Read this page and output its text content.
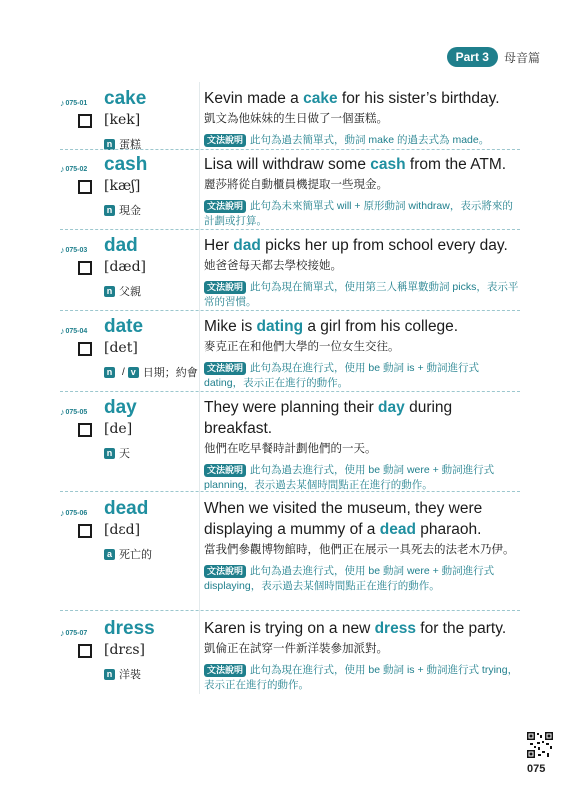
Part 3	母音篇
♪ 075-01 cake
[kek]
n 蛋糕
Kevin made a cake for his sister’s birthday.
凱文為他妹妹的生日做了一個蛋糕。
文法說明 此句為過去簡單式，動詞 make 的過去式為 made。
♪ 075-02 cash
[kæʃ]
n 現金
Lisa will withdraw some cash from the ATM.
麗莎將從自動櫃員機提取一些現金。
文法說明 此句為未來簡單式 will + 原形動詞 withdraw，表示將來的計劃或打算。
♪ 075-03 dad
[dæd]
n 父親
Her dad picks her up from school every day.
她爸爸每天都去學校接她。
文法說明 此句為現在簡單式，使用第三人稱單數動詞 picks，表示平常的習慣。
♪ 075-04 date
[det]
n / v 日期；約會
Mike is dating a girl from his college.
麥克正在和他們大學的一位女生交往。
文法說明 此句為現在進行式，使用 be 動詞 is + 動詞進行式 dating，表示正在進行的動作。
♪ 075-05 day
[de]
n 天
They were planning their day during breakfast.
他們在吃早餐時計劃他們的一天。
文法說明 此句為過去進行式，使用 be 動詞 were + 動詞進行式 planning，表示過去某個時間點正在進行的動作。
♪ 075-06 dead
[dɛd]
a 死亡的
When we visited the museum, they were displaying a mummy of a dead pharaoh.
當我們參觀博物館時，他們正在展示一具死去的法老木乃伊。
文法說明 此句為過去進行式，使用 be 動詞 were + 動詞進行式 displaying，表示過去某個時間點正在進行的動作。
♪ 075-07 dress
[drɛs]
n 洋裝
Karen is trying on a new dress for the party.
凱倫正在試穿一件新洋裝參加派對。
文法說明 此句為現在進行式，使用 be 動詞 is + 動詞進行式 trying，表示正在進行的動作。
075
